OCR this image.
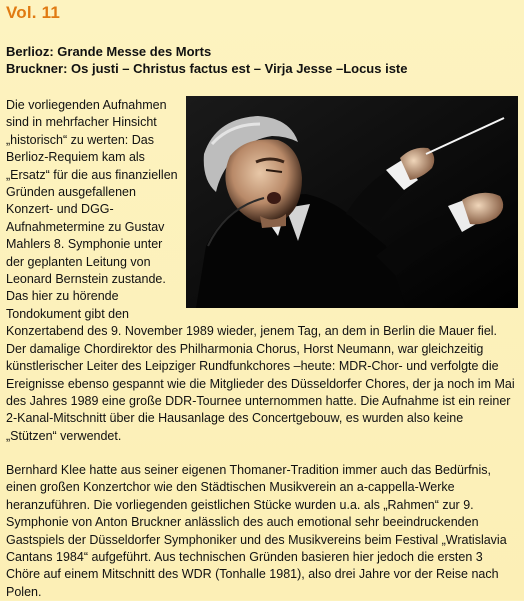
Vol. 11
Berlioz: Grande Messe des Morts
Bruckner: Os justi – Christus factus est – Virja Jesse –Locus iste
Die vorliegenden Aufnahmen sind in mehrfacher Hinsicht „historisch“ zu werten: Das Berlioz-Requiem kam als „Ersatz“ für die aus finanziellen Gründen ausgefallenen Konzert- und DGG-Aufnahmetermine zu Gustav Mahlers 8. Symphonie unter der geplanten Leitung von Leonard Bernstein zustande. Das hier zu hörende Tondokument gibt den Konzertabend des 9. November 1989 wieder, jenem Tag, an dem in Berlin die Mauer fiel. Der damalige Chordirektor des Philharmonia Chorus, Horst Neumann, war gleichzeitig künstlerischer Leiter des Leipziger Rundfunkchores –heute: MDR-Chor- und verfolgte die Ereignisse ebenso gespannt wie die Mitglieder des Düsseldorfer Chores, der ja noch im Mai des Jahres 1989 eine große DDR-Tournee unternommen hatte. Die Aufnahme ist ein reiner 2-Kanal-Mitschnitt über die Hausanlage des Concertgebouw, es wurden also keine „Stützen“ verwendet.
Bernhard Klee hatte aus seiner eigenen Thomaner-Tradition immer auch das Bedürfnis, einen großen Konzertchor wie den Städtischen Musikverein an a-cappella-Werke heranzuführen. Die vorliegenden geistlichen Stücke wurden u.a. als „Rahmen“ zur 9. Symphonie von Anton Bruckner anlässlich des auch emotional sehr beeindruckenden Gastspiels der Düsseldorfer Symphoniker und des Musikvereins beim Festival „Wratislavia Cantans 1984“ aufgeführt. Aus technischen Gründen basieren hier jedoch die ersten 3 Chöre auf einem Mitschnitt des WDR (Tonhalle 1981), also drei Jahre vor der Reise nach Polen.
